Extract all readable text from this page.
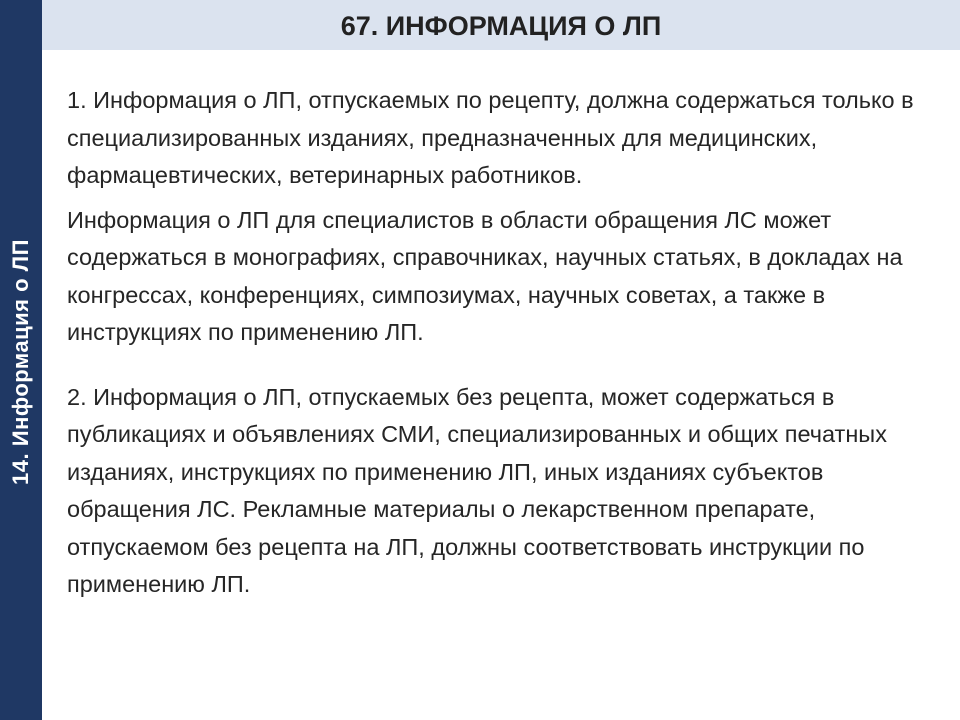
14. Информация о ЛП
67. ИНФОРМАЦИЯ О ЛП

1. Информация о ЛП, отпускаемых по рецепту, должна содержаться только в специализированных изданиях, предназначенных для медицинских, фармацевтических, ветеринарных работников.

Информация о ЛП для специалистов в области обращения ЛС может содержаться в монографиях, справочниках, научных статьях, в докладах на конгрессах, конференциях, симпозиумах, научных советах, а также в инструкциях по применению ЛП.

2. Информация о ЛП, отпускаемых без рецепта, может содержаться в публикациях и объявлениях СМИ, специализированных и общих печатных изданиях, инструкциях по применению ЛП, иных изданиях субъектов обращения ЛС. Рекламные материалы о лекарственном препарате, отпускаемом без рецепта на ЛП, должны соответствовать инструкции по применению ЛП.
